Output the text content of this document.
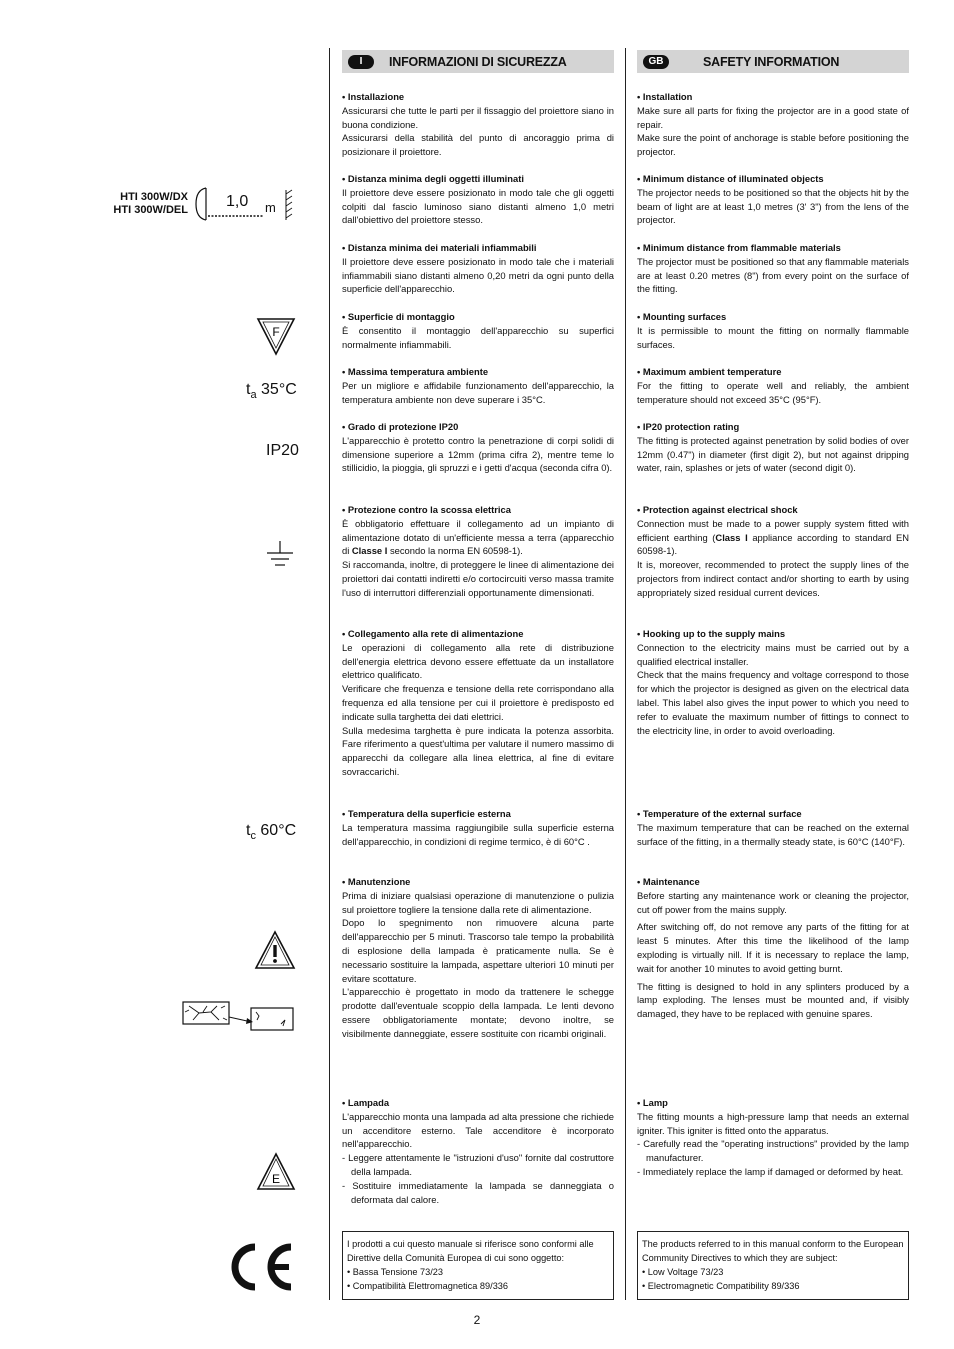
HTI 300W/DX
HTI 300W/DEL 1,0 m
F
$t_a$ 35°C
IP20
$t_c$ 60°C
E
I	INFORMAZIONI DI SICUREZZA
• Installazione

Assicurarsi che tutte le parti per il fissaggio del proiettore siano in buona condizione.

Assicurarsi della stabilità del punto di ancoraggio prima di posizionare il proiettore.

• Distanza minima degli oggetti illuminati

Il proiettore deve essere posizionato in modo tale che gli oggetti colpiti dal fascio luminoso siano distanti almeno 1,0 metri dall'obiettivo del proiettore stesso.

• Distanza minima dei materiali infiammabili

Il proiettore deve essere posizionato in modo tale che i materiali infiammabili siano distanti almeno 0,20 metri da ogni punto della superficie dell'apparecchio.

• Superficie di montaggio

È consentito il montaggio dell'apparecchio su superfici normalmente infiammabili.

• Massima temperatura ambiente

Per un migliore e affidabile funzionamento dell'apparecchio, la temperatura ambiente non deve superare i 35°C.

• Grado di protezione IP20

L'apparecchio è protetto contro la penetrazione di corpi solidi di dimensione superiore a 12mm (prima cifra 2), mentre teme lo stillicidio, la pioggia, gli spruzzi e i getti d'acqua (seconda cifra 0).

• Protezione contro la scossa elettrica

È obbligatorio effettuare il collegamento ad un impianto di alimentazione dotato di un'efficiente messa a terra (apparecchio di Classe I secondo la norma EN 60598-1).

Si raccomanda, inoltre, di proteggere le linee di alimentazione dei proiettori dai contatti indiretti e/o cortocircuiti verso massa tramite l'uso di interruttori differenziali opportunamente dimensionati.

• Collegamento alla rete di alimentazione

Le operazioni di collegamento alla rete di distribuzione dell'energia elettrica devono essere effettuate da un installatore elettrico qualificato.

Verificare che frequenza e tensione della rete corrispondano alla frequenza ed alla tensione per cui il proiettore è predisposto ed indicate sulla targhetta dei dati elettrici.

Sulla medesima targhetta è pure indicata la potenza assorbita. Fare riferimento a quest'ultima per valutare il numero massimo di apparecchi da collegare alla linea elettrica, al fine di evitare sovraccarichi.

• Temperatura della superficie esterna

La temperatura massima raggiungibile sulla superficie esterna dell'apparecchio, in condizioni di regime termico, è di 60°C .

• Manutenzione

Prima di iniziare qualsiasi operazione di manutenzione o pulizia sul proiettore togliere la tensione dalla rete di alimentazione.

Dopo lo spegnimento non rimuovere alcuna parte dell'apparecchio per 5 minuti. Trascorso tale tempo la probabilità di esplosione della lampada è praticamente nulla. Se è necessario sostituire la lampada, aspettare ulteriori 10 minuti per evitare scottature.

L'apparecchio è progettato in modo da trattenere le schegge prodotte dall'eventuale scoppio della lampada. Le lenti devono essere obbligatoriamente montate; devono inoltre, se visibilmente danneggiate, essere sostituite con ricambi originali.

• Lampada

L'apparecchio monta una lampada ad alta pressione che richiede un accenditore esterno. Tale accenditore è incorporato nell'apparecchio.

- Leggere attentamente le "istruzioni d'uso" fornite dal costruttore della lampada.

- Sostituire immediatamente la lampada se danneggiata o deformata dal calore.

I prodotti a cui questo manuale si riferisce sono conformi alle Direttive della Comunità Europea di cui sono oggetto:

• Bassa Tensione 73/23

• Compatibilità Elettromagnetica 89/336

GB	SAFETY INFORMATION
• Installation

Make sure all parts for fixing the projector are in a good state of repair.

Make sure the point of anchorage is stable before positioning the projector.

• Minimum distance of illuminated objects

The projector needs to be positioned so that the objects hit by the beam of light are at least 1,0 metres (3' 3") from the lens of the projector.

• Minimum distance from flammable materials

The projector must be positioned so that any flammable materials are at least 0.20 metres (8") from every point on the surface of the fitting.

• Mounting surfaces

It is permissible to mount the fitting on normally flammable surfaces.

• Maximum ambient temperature

For the fitting to operate well and reliably, the ambient temperature should not exceed 35°C (95°F).

• IP20 protection rating

The fitting is protected against penetration by solid bodies of over 12mm (0.47") in diameter (first digit 2), but not against dripping water, rain, splashes or jets of water (second digit 0).

• Protection against electrical shock

Connection must be made to a power supply system fitted with efficient earthing (Class I appliance according to standard EN 60598-1).

It is, moreover, recommended to protect the supply lines of the projectors from indirect contact and/or shorting to earth by using appropriately sized residual current devices.

• Hooking up to the supply mains

Connection to the electricity mains must be carried out by a qualified electrical installer.

Check that the mains frequency and voltage correspond to those for which the projector is designed as given on the electrical data label. This label also gives the input power to which you need to refer to evaluate the maximum number of fittings to connect to the electricity line, in order to avoid overloading.

• Temperature of the external surface

The maximum temperature that can be reached on the external surface of the fitting, in a thermally steady state, is 60°C (140°F).

• Maintenance

Before starting any maintenance work or cleaning the projector, cut off power from the mains supply.

After switching off, do not remove any parts of the fitting for at least 5 minutes. After this time the likelihood of the lamp exploding is virtually nill. If it is necessary to replace the lamp, wait for another 10 minutes to avoid getting burnt.

The fitting is designed to hold in any splinters produced by a lamp exploding. The lenses must be mounted and, if visibly damaged, they have to be replaced with genuine spares.

• Lamp

The fitting mounts a high-pressure lamp that needs an external igniter. This igniter is fitted onto the apparatus.

- Carefully read the "operating instructions" provided by the lamp manufacturer.

- Immediately replace the lamp if damaged or deformed by heat.

The products referred to in this manual conform to the European Community Directives to which they are subject:

• Low Voltage 73/23

• Electromagnetic Compatibility 89/336

2
